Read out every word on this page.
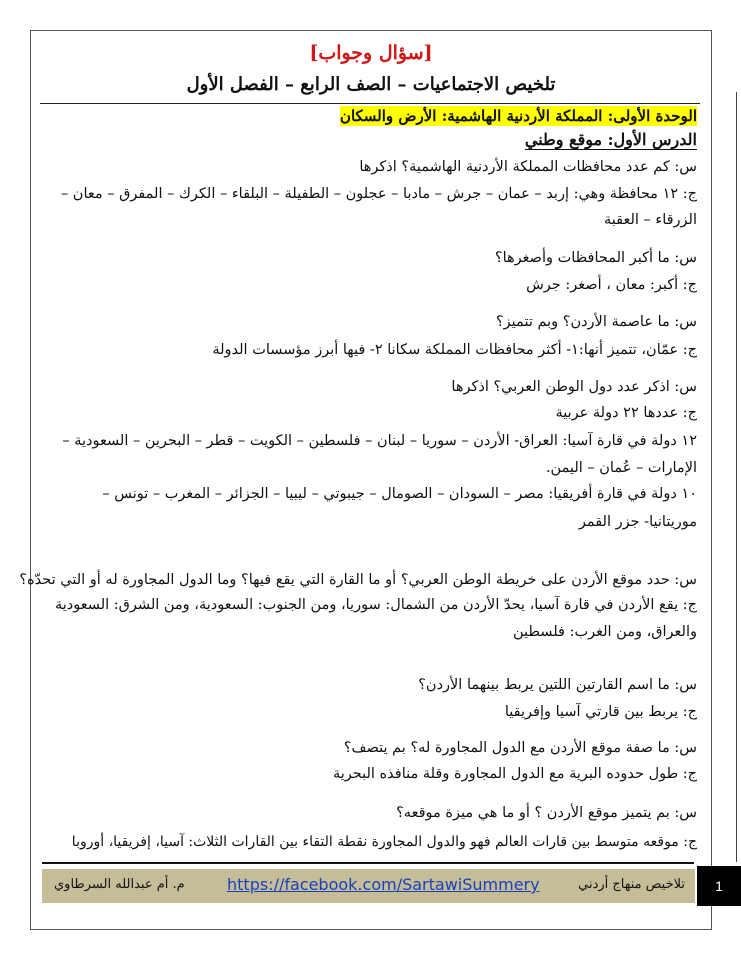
[سؤال وجواب]
تلخيص الاجتماعيات – الصف الرابع – الفصل الأول
الوحدة الأولى: المملكة الأردنية الهاشمية: الأرض والسكان
الدرس الأول: موقع وطني
س: كم عدد محافظات المملكة الأردنية الهاشمية؟ اذكرها
ج: ١٢ محافظة وهي: إربد – عمان – جرش – مادبا – عجلون – الطفيلة – البلقاء – الكرك – المفرق – معان –
الزرقاء – العقبة
س: ما أكبر المحافظات وأصغرها؟
ج: أكبر: معان ، أصغر: جرش
س: ما عاصمة الأردن؟ وبم تتميز؟
ج: عمّان، تتميز أنها:١- أكثر محافظات المملكة سكانا ٢- فيها أبرز مؤسسات الدولة
س: اذكر عدد دول الوطن العربي؟ اذكرها
ج: عددها ٢٢ دولة عربية
١٢ دولة في قارة آسيا: العراق- الأردن – سوريا – لبنان – فلسطين – الكويت – قطر – البحرين – السعودية –
الإمارات – عُمان – اليمن.
١٠ دولة في قارة أفريقيا: مصر – السودان – الصومال – جيبوتي – ليبيا – الجزائر – المغرب – تونس –
موريتانيا- جزر القمر
س: حدد موقع الأردن على خريطة الوطن العربي؟ أو ما القارة التي يقع فيها؟ وما الدول المجاورة له أو التي تحدّه؟
ج: يقع الأردن في قارة آسيا، يحدّ الأردن من الشمال: سوريا، ومن الجنوب: السعودية، ومن الشرق: السعودية
والعراق، ومن الغرب: فلسطين
س: ما اسم القارتين اللتين يربط بينهما الأردن؟
ج: يربط بين قارتي آسيا وإفريقيا
س: ما صفة موقع الأردن مع الدول المجاورة له؟ بم يتصف؟
ج: طول حدوده البرية مع الدول المجاورة وقلة منافذه البحرية
س: بم يتميز موقع الأردن ؟ أو ما هي ميزة موقعه؟
ج: موقعه متوسط بين قارات العالم فهو والدول المجاورة نقطة التقاء بين القارات الثلاث: آسيا، إفريقيا، أوروبا
تلاخيص منهاج أردني
https://facebook.com/SartawiSummery
م. أم عبدالله السرطاوي	1
